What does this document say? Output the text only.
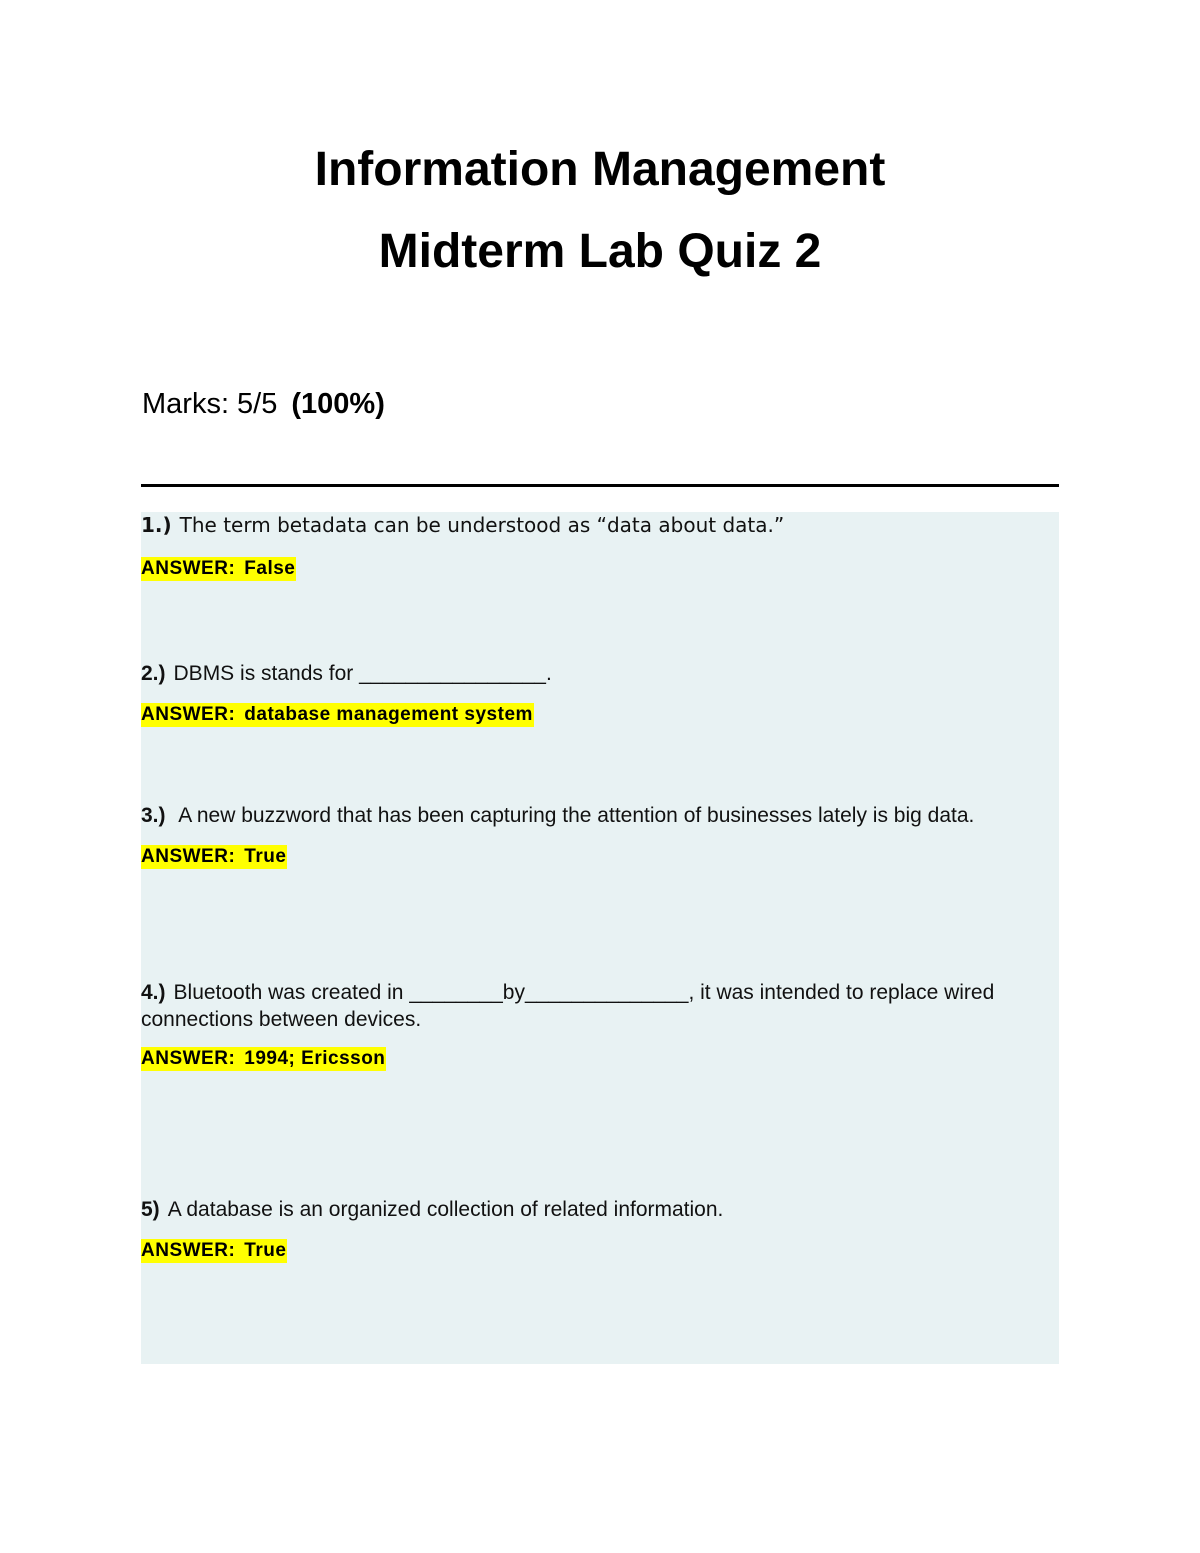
Information Management
Midterm Lab Quiz 2
Marks: 5/5 (100%)
1.) The term betadata can be understood as “data about data.”
ANSWER: False
2.) DBMS is stands for ________________.
ANSWER: database management system
3.) A new buzzword that has been capturing the attention of businesses lately is big data.
ANSWER: True
4.) Bluetooth was created in ________by______________, it was intended to replace wired connections between devices.
ANSWER: 1994; Ericsson
5) A database is an organized collection of related information.
ANSWER: True
